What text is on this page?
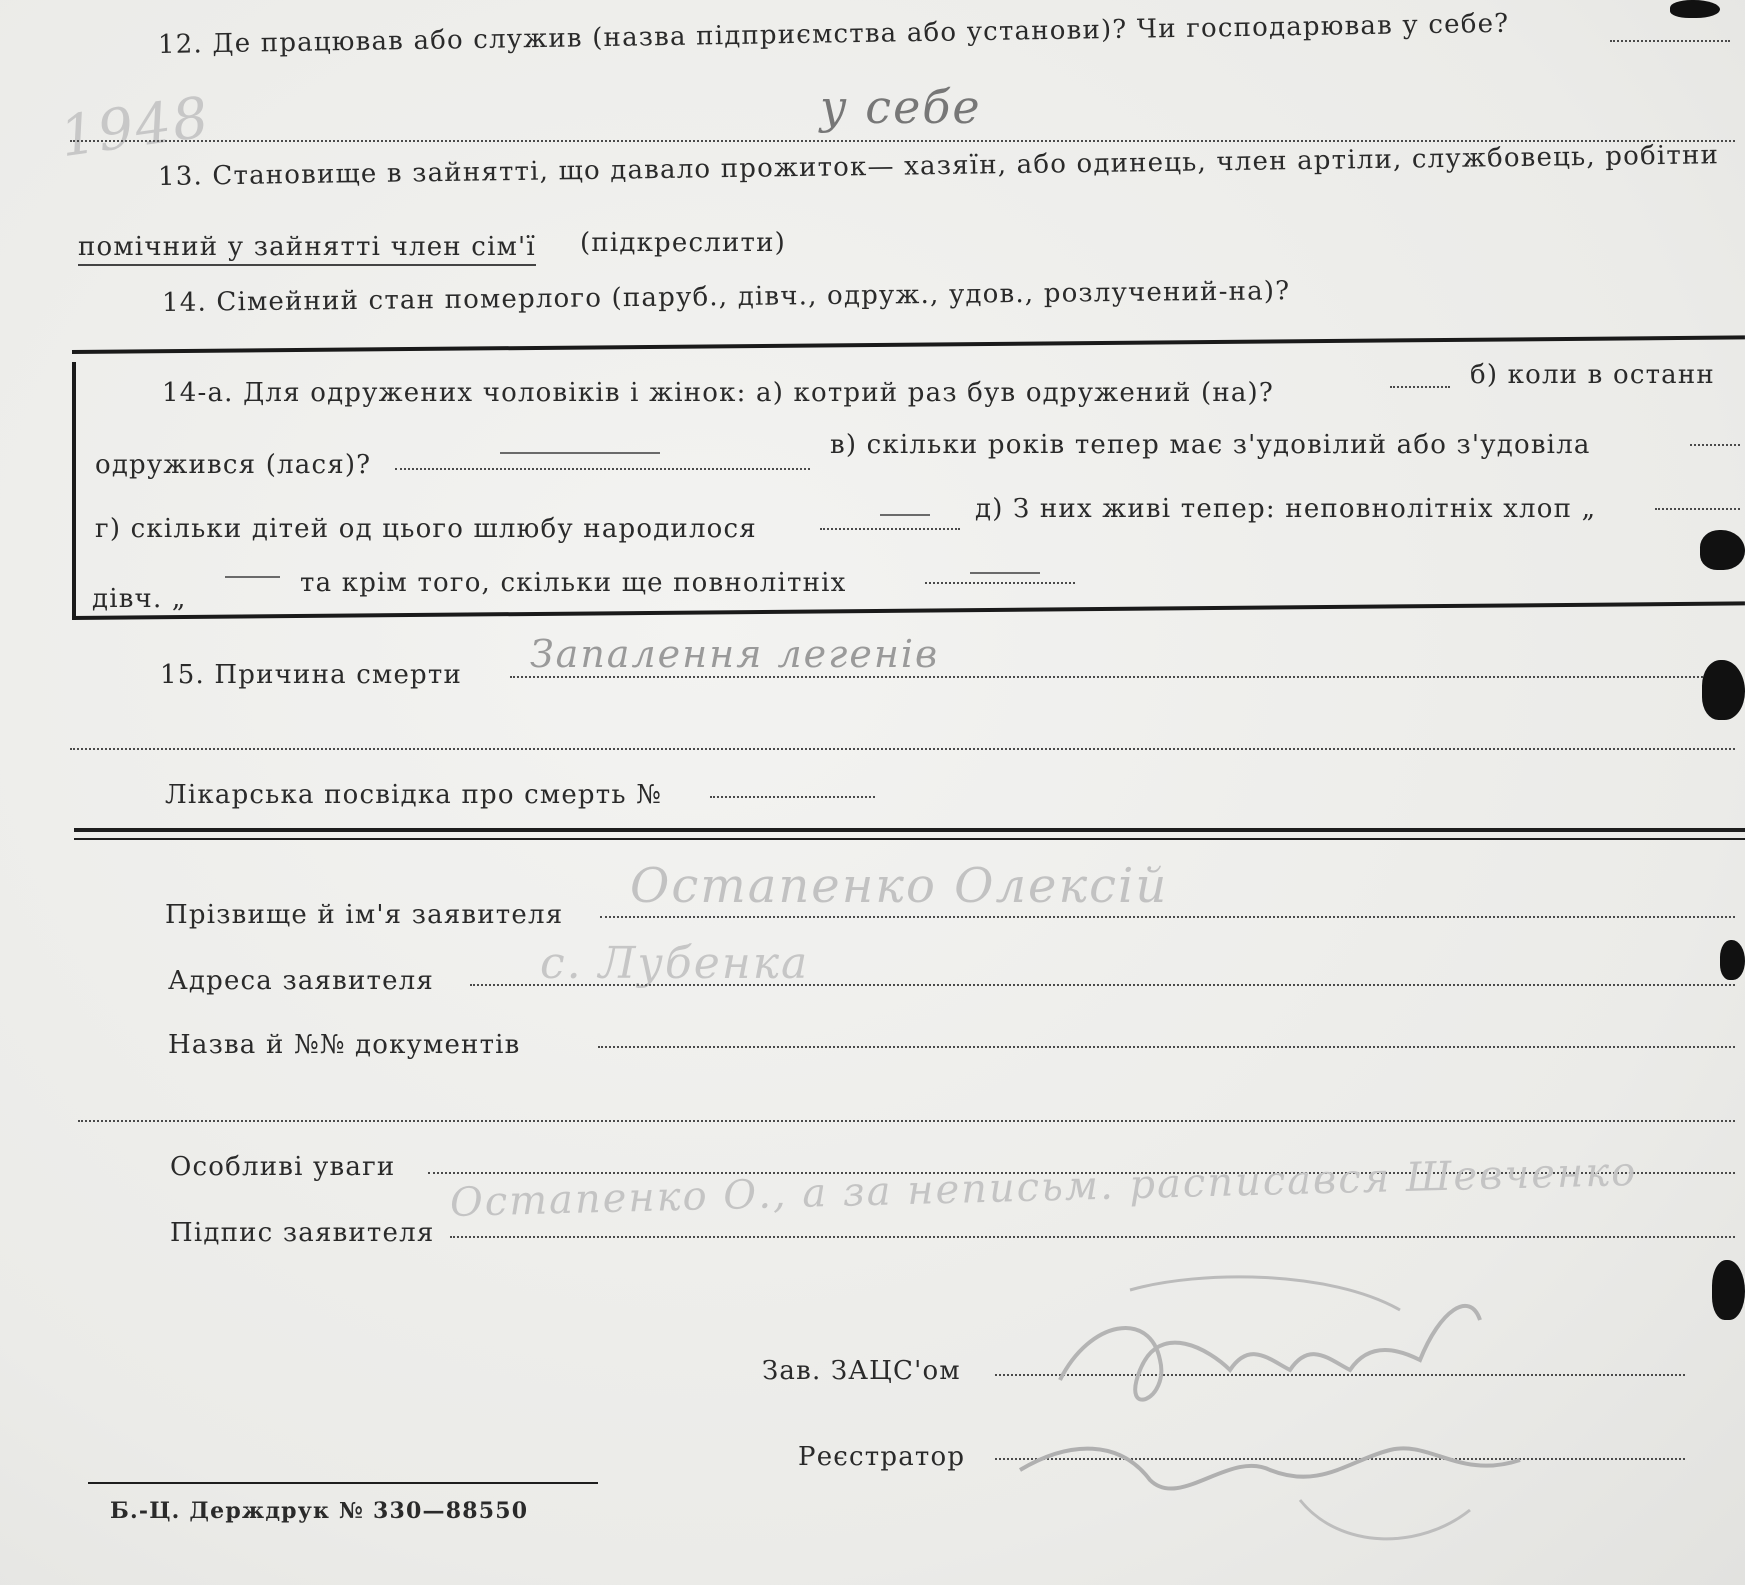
12. Де працював або служив (назва підприємства або установи)? Чи господарював у себе?
у себе
1948
13. Становище в зайнятті, що давало прожиток— хазяїн, або одинець, член артіли, службовець, робітни
помічний у зайнятті член сім'ї (підкреслити)
14. Сімейний стан померлого (паруб., дівч., одруж., удов., розлучений-на)?
14-а. Для одружених чоловіків і жінок: а) котрий раз був одружений (на)?
б) коли в останн
одружився (лася)?
в) скільки років тепер має з'удовілий або з'удовіла
г) скільки дітей од цього шлюбу народилося
д) З них живі тепер: неповнолітніх хлоп „
дівч. „
та крім того, скільки ще повнолітніх
15. Причина смерти Запалення легенів
Лікарська посвідка про смерть №
Прізвище й ім'я заявителя
Остапенко Олексій
Адреса заявителя с. Лубенка
Назва й №№ документів
Особливі уваги
Підпис заявителя
Остапенко О., а за неписьм. расписався Шевченко
Зав. ЗАЦС'ом
Реєстратор
Б.-Ц. Держдрук № 330—88550
